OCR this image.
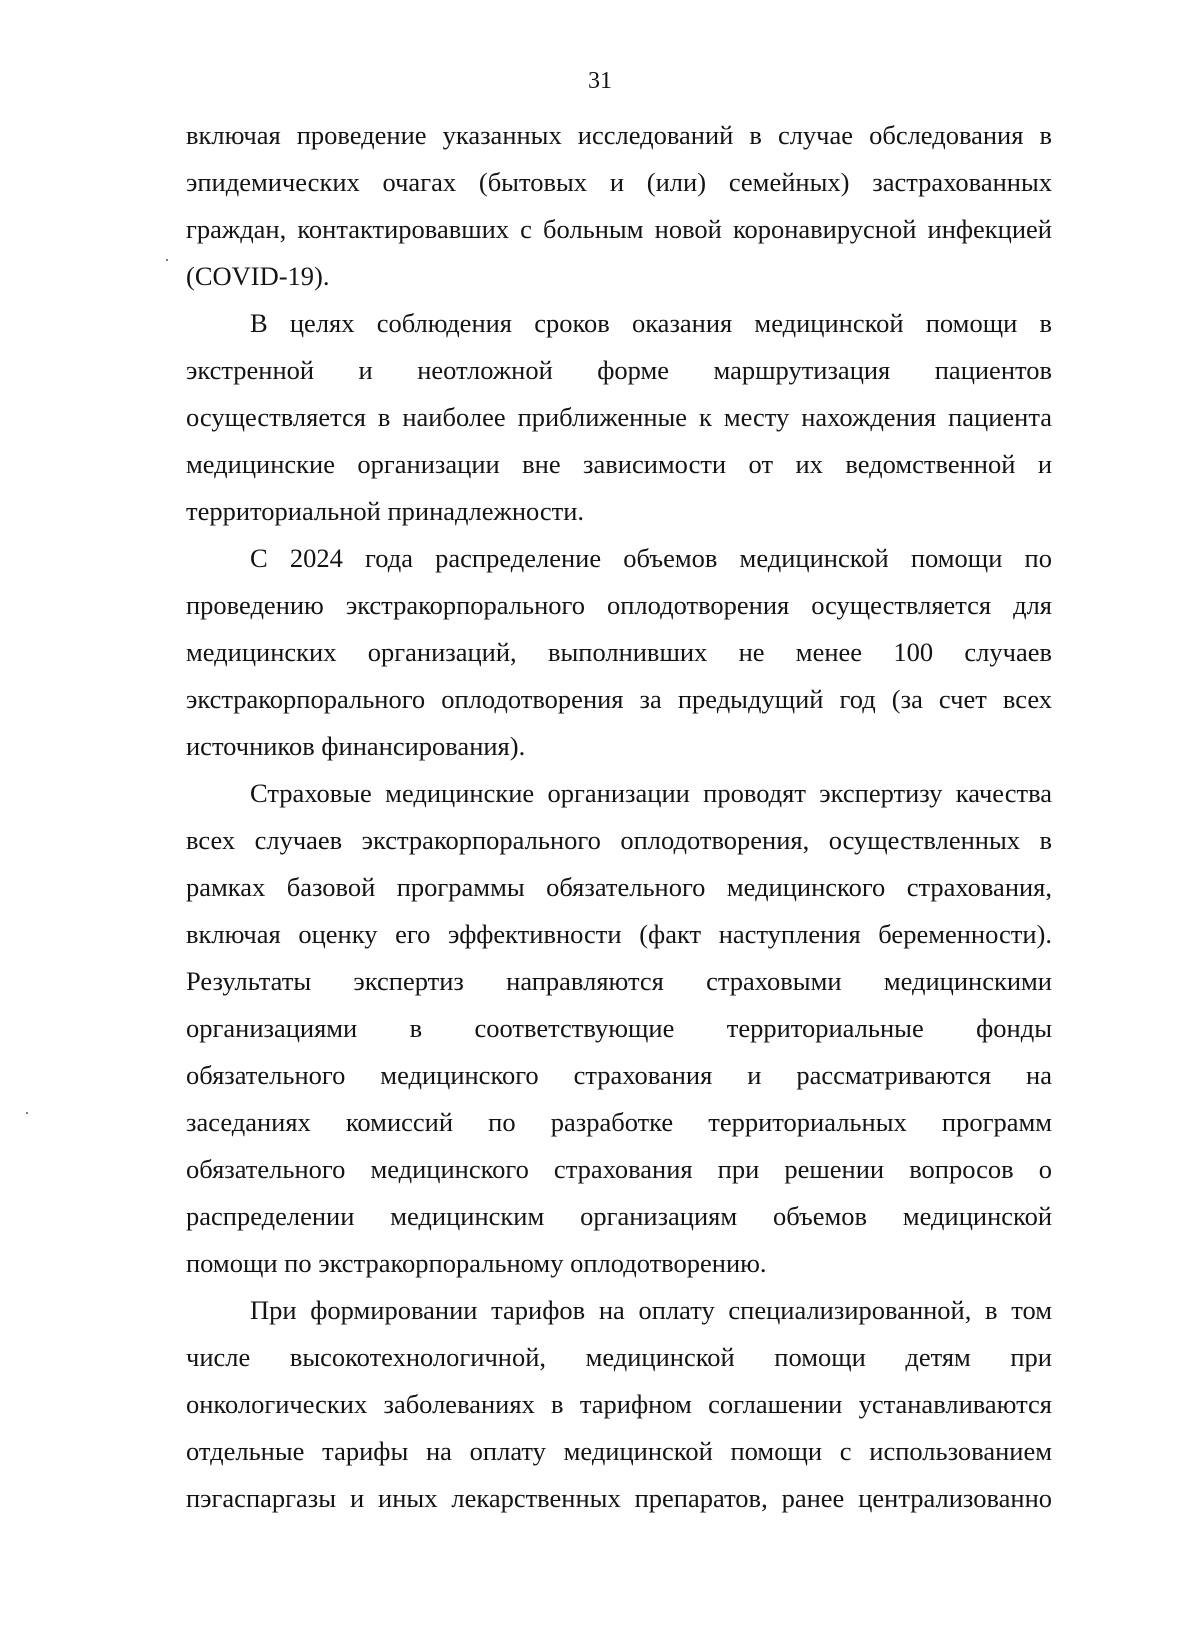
31
включая проведение указанных исследований в случае обследования в
эпидемических очагах (бытовых и (или) семейных) застрахованных
граждан, контактировавших с больным новой коронавирусной инфекцией
(COVID-19).
В целях соблюдения сроков оказания медицинской помощи в
экстренной и неотложной форме маршрутизация пациентов
осуществляется в наиболее приближенные к месту нахождения пациента
медицинские организации вне зависимости от их ведомственной и
территориальной принадлежности.
С 2024 года распределение объемов медицинской помощи по
проведению экстракорпорального оплодотворения осуществляется для
медицинских организаций, выполнивших не менее 100 случаев
экстракорпорального оплодотворения за предыдущий год (за счет всех
источников финансирования).
Страховые медицинские организации проводят экспертизу качества
всех случаев экстракорпорального оплодотворения, осуществленных в
рамках базовой программы обязательного медицинского страхования,
включая оценку его эффективности (факт наступления беременности).
Результаты экспертиз направляются страховыми медицинскими
организациями в соответствующие территориальные фонды
обязательного медицинского страхования и рассматриваются на
заседаниях комиссий по разработке территориальных программ
обязательного медицинского страхования при решении вопросов о
распределении медицинским организациям объемов медицинской
помощи по экстракорпоральному оплодотворению.
При формировании тарифов на оплату специализированной, в том
числе высокотехнологичной, медицинской помощи детям при
онкологических заболеваниях в тарифном соглашении устанавливаются
отдельные тарифы на оплату медицинской помощи с использованием
пэгаспаргазы и иных лекарственных препаратов, ранее централизованно
